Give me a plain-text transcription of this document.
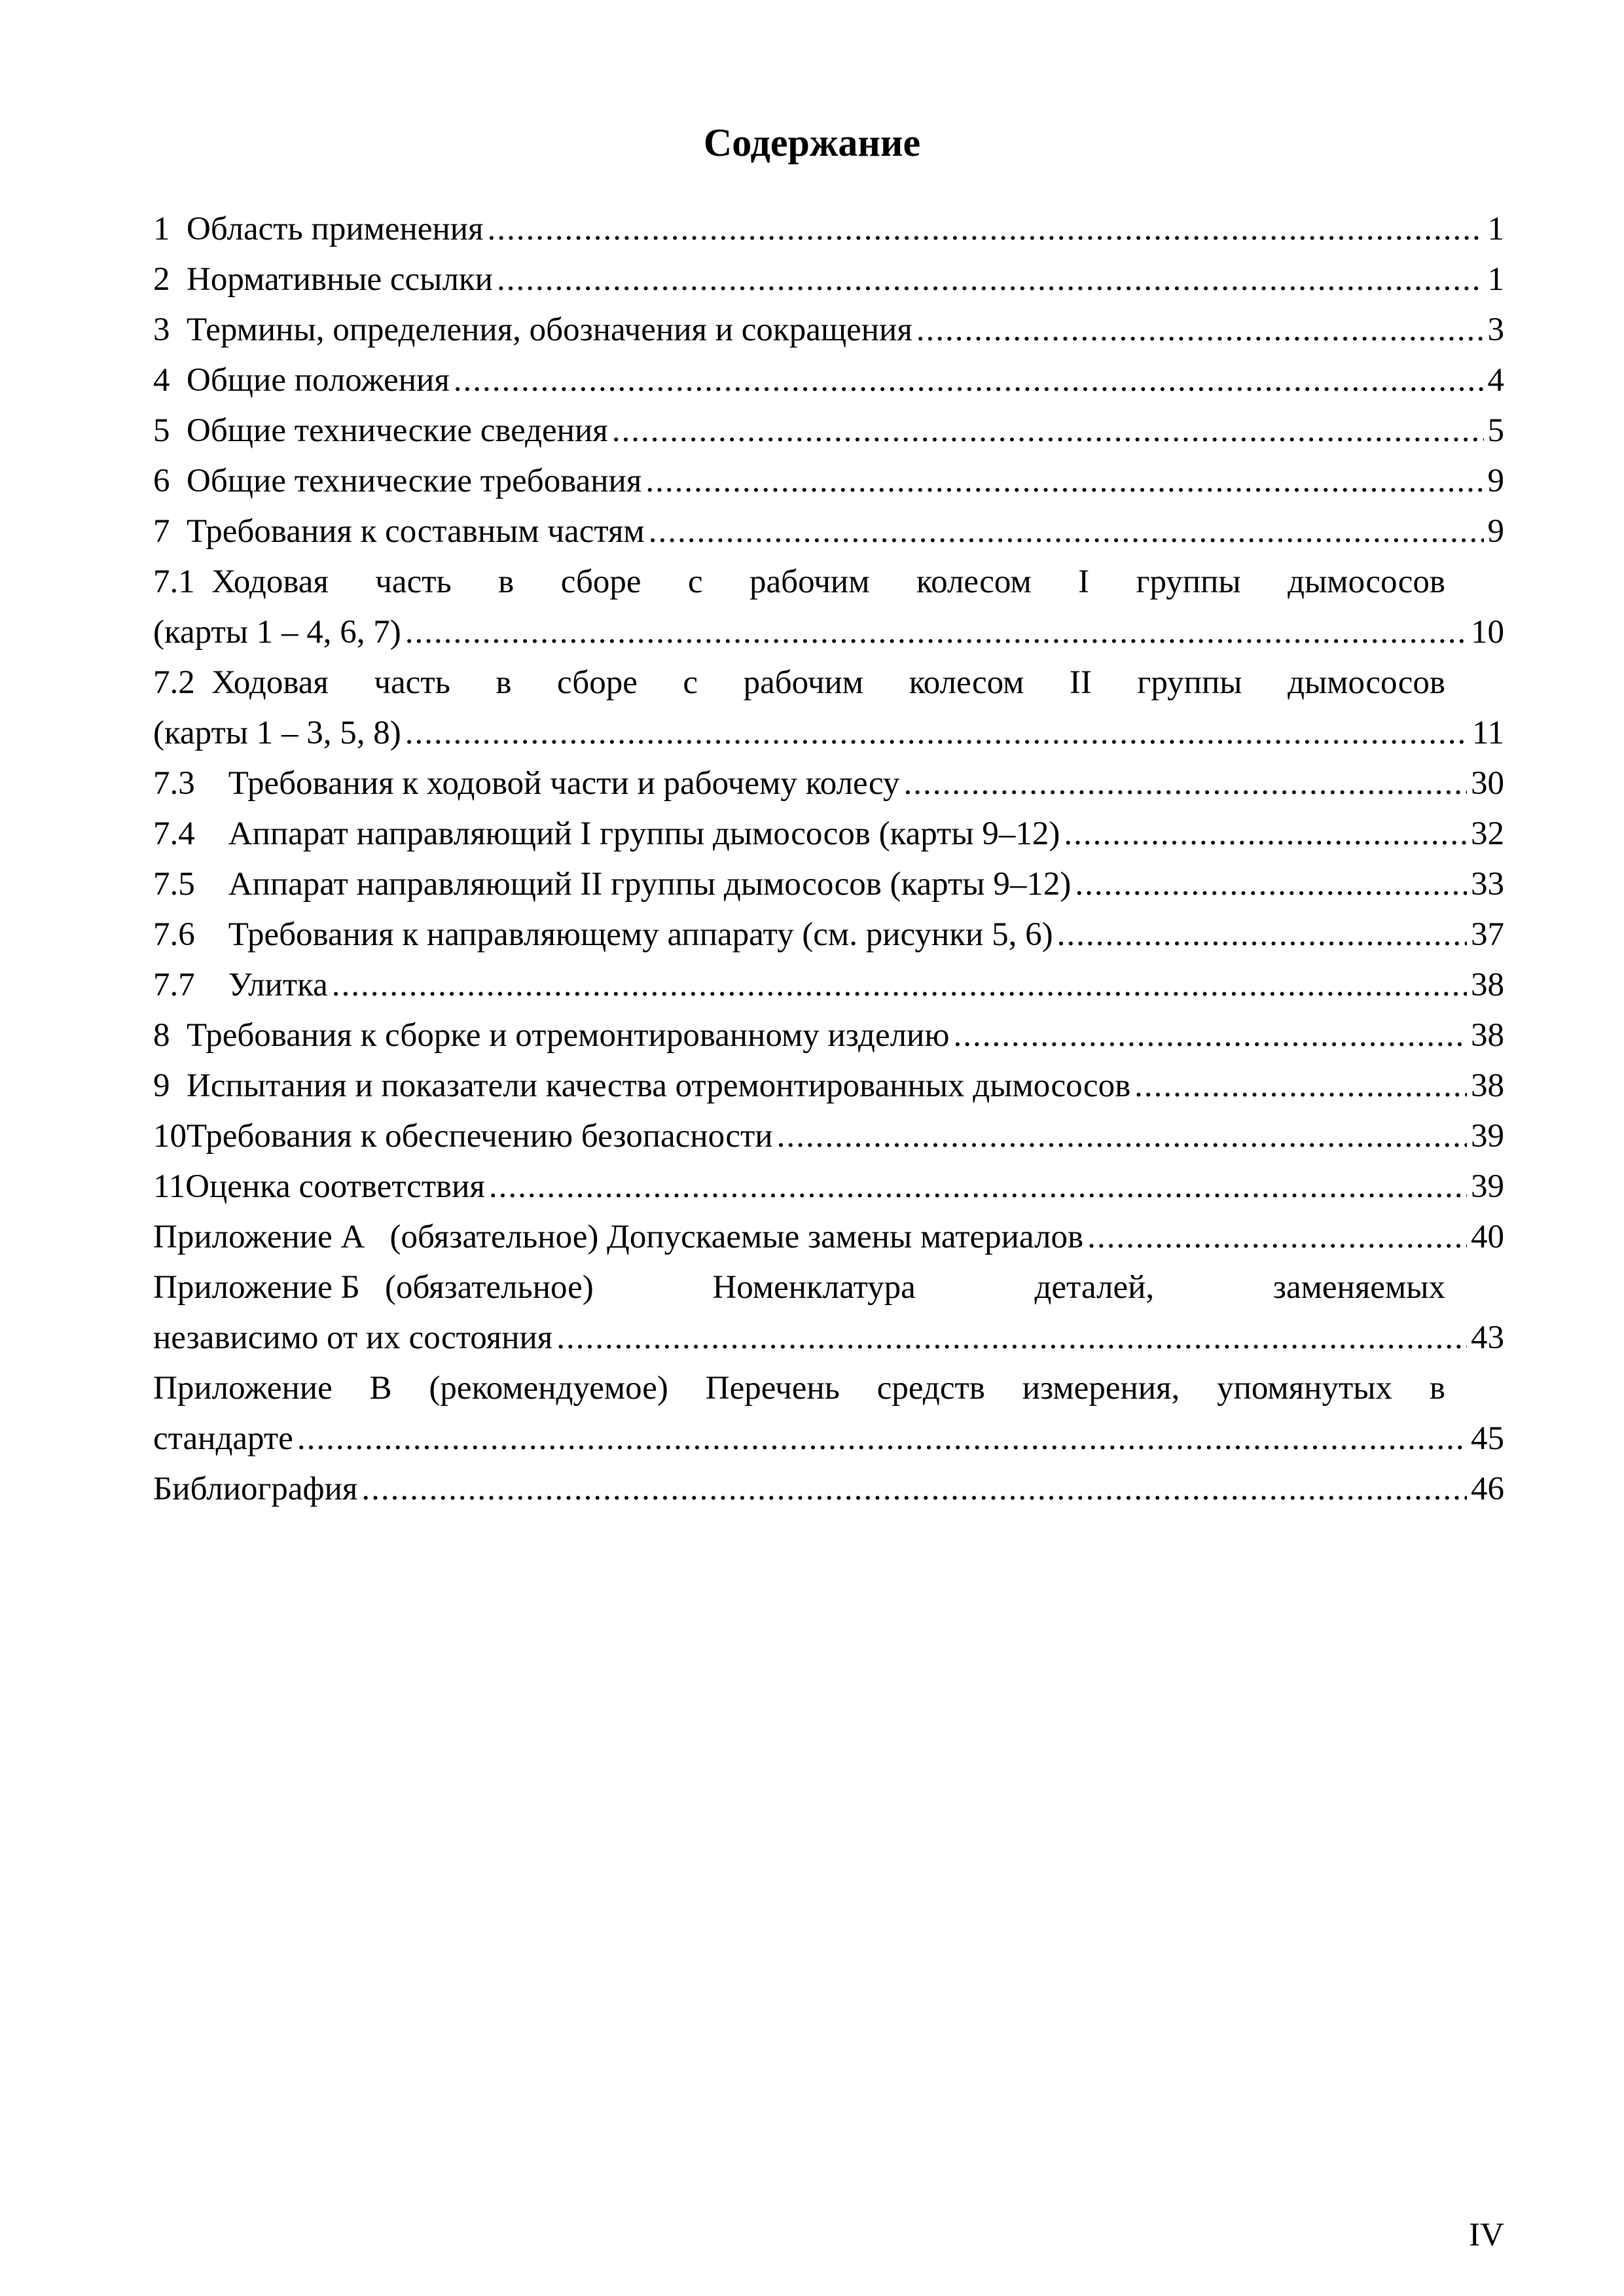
Содержание
1  Область применения .....	1
2  Нормативные ссылки .....	1
3  Термины, определения, обозначения и сокращения .....	3
4  Общие положения .....	4
5  Общие технические сведения .....	5
6  Общие технические требования .....	9
7  Требования к составным частям .....	9
7.1  Ходовая часть в сборе с рабочим колесом I группы дымососов
(карты 1 – 4, 6, 7) .....	10
7.2  Ходовая часть в сборе с рабочим колесом II группы дымососов
(карты 1 – 3, 5, 8) .....	11
7.3    Требования к ходовой части и рабочему колесу .....	30
7.4    Аппарат направляющий I группы дымососов (карты 9–12) .....	32
7.5    Аппарат направляющий II группы дымососов (карты 9–12) .....	33
7.6    Требования к направляющему аппарату (см. рисунки 5, 6) .....	37
7.7    Улитка .....	38
8  Требования к сборке и отремонтированному изделию .....	38
9  Испытания и показатели качества отремонтированных дымососов .....	38
10Требования к обеспечению безопасности .....	39
11Оценка соответствия .....	39
Приложение А   (обязательное) Допускаемые замены материалов .....	40
Приложение Б   (обязательное)	Номенклатура	деталей,	заменяемых
независимо от их состояния .....	43
Приложение В (рекомендуемое) Перечень средств измерения, упомянутых в
стандарте .....	45
Библиография .....	46
IV
